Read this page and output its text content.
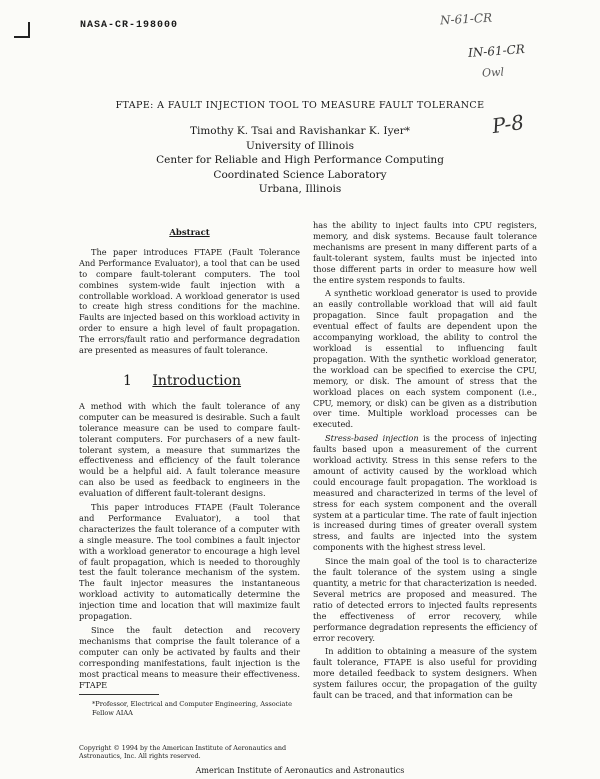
NASA-CR-198000	N-61-CR
IN-61-CR
Owl
P-8
FTAPE: A FAULT INJECTION TOOL TO MEASURE FAULT TOLERANCE
Timothy K. Tsai and Ravishankar K. Iyer*
University of Illinois
Center for Reliable and High Performance Computing
Coordinated Science Laboratory
Urbana, Illinois
Abstract

The paper introduces FTAPE (Fault Tolerance And Performance Evaluator), a tool that can be used to compare fault-tolerant computers. The tool combines system-wide fault injection with a controllable workload. A workload generator is used to create high stress conditions for the machine. Faults are injected based on this workload activity in order to ensure a high level of fault propagation. The errors/fault ratio and performance degradation are presented as measures of fault tolerance.

1 Introduction

A method with which the fault tolerance of any computer can be measured is desirable. Such a fault tolerance measure can be used to compare fault-tolerant computers. For purchasers of a new fault-tolerant system, a measure that summarizes the effectiveness and efficiency of the fault tolerance would be a helpful aid. A fault tolerance measure can also be used as feedback to engineers in the evaluation of different fault-tolerant designs.

This paper introduces FTAPE (Fault Tolerance and Performance Evaluator), a tool that characterizes the fault tolerance of a computer with a single measure. The tool combines a fault injector with a workload generator to encourage a high level of fault propagation, which is needed to thoroughly test the fault tolerance mechanism of the system. The fault injector measures the instantaneous workload activity to automatically determine the injection time and location that will maximize fault propagation.

Since the fault detection and recovery mechanisms that comprise the fault tolerance of a computer can only be activated by faults and their corresponding manifestations, fault injection is the most practical means to measure their effectiveness. FTAPE

has the ability to inject faults into CPU registers, memory, and disk systems. Because fault tolerance mechanisms are present in many different parts of a fault-tolerant system, faults must be injected into those different parts in order to measure how well the entire system responds to faults.

A synthetic workload generator is used to provide an easily controllable workload that will aid fault propagation. Since fault propagation and the eventual effect of faults are dependent upon the accompanying workload, the ability to control the workload is essential to influencing fault propagation. With the synthetic workload generator, the workload can be specified to exercise the CPU, memory, or disk. The amount of stress that the workload places on each system component (i.e., CPU, memory, or disk) can be given as a distribution over time. Multiple workload processes can be executed.

Stress-based injection is the process of injecting faults based upon a measurement of the current workload activity. Stress in this sense refers to the amount of activity caused by the workload which could encourage fault propagation. The workload is measured and characterized in terms of the level of stress for each system component and the overall system at a particular time. The rate of fault injection is increased during times of greater overall system stress, and faults are injected into the system components with the highest stress level.

Since the main goal of the tool is to characterize the fault tolerance of the system using a single quantity, a metric for that characterization is needed. Several metrics are proposed and measured. The ratio of detected errors to injected faults represents the effectiveness of error recovery, while performance degradation represents the efficiency of error recovery.

In addition to obtaining a measure of the system fault tolerance, FTAPE is also useful for providing more detailed feedback to system designers. When system failures occur, the propagation of the guilty fault can be traced, and that information can be

*Professor, Electrical and Computer Engineering, Associate Fellow AIAA
Copyright © 1994 by the American Institute of Aeronautics and Astronautics, Inc. All rights reserved.
American Institute of Aeronautics and Astronautics
